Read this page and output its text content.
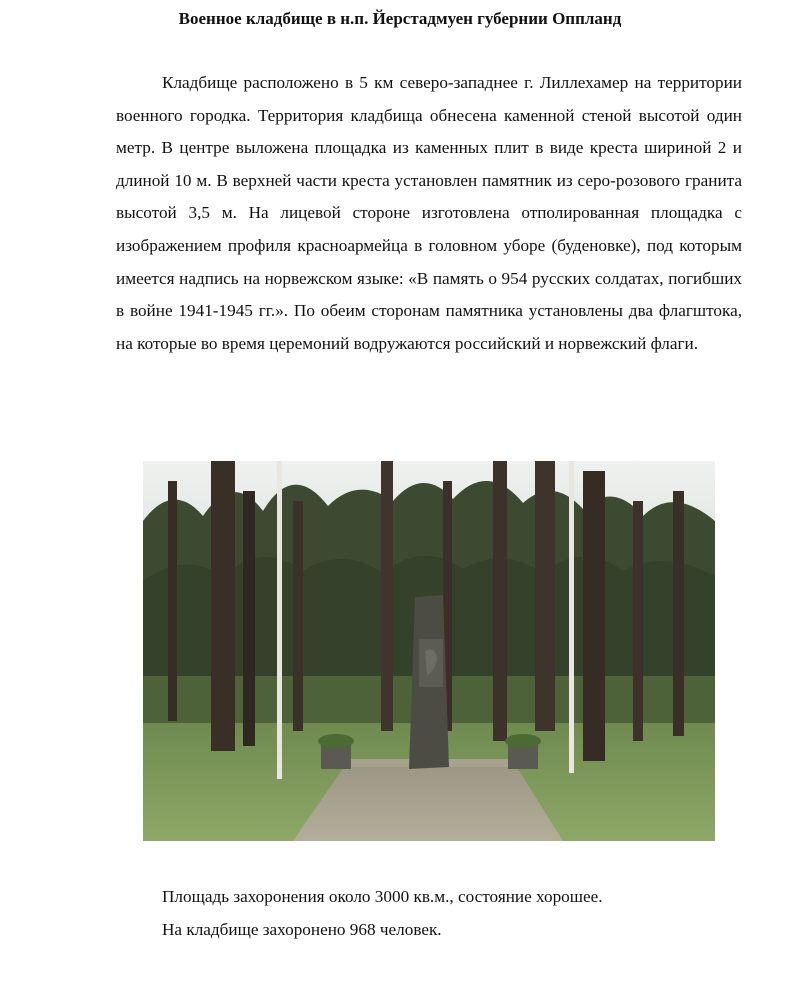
Военное кладбище в н.п. Йерстадмуен губернии Оппланд

Кладбище расположено в 5 км северо-западнее г. Лиллехамер на территории военного городка. Территория кладбища обнесена каменной стеной высотой один метр. В центре выложена площадка из каменных плит в виде креста шириной 2 и длиной 10 м. В верхней части креста установлен памятник из серо-розового гранита высотой 3,5 м. На лицевой стороне изготовлена отполированная площадка с изображением профиля красноармейца в головном уборе (буденовке), под которым имеется надпись на норвежском языке: «В память о 954 русских солдатах, погибших в войне 1941-1945 гг.». По обеим сторонам памятника установлены два флагштока, на которые во время церемоний водружаются российский и норвежский флаги.

Площадь захоронения около 3000 кв.м., состояние хорошее.

На кладбище захоронено 968 человек.
